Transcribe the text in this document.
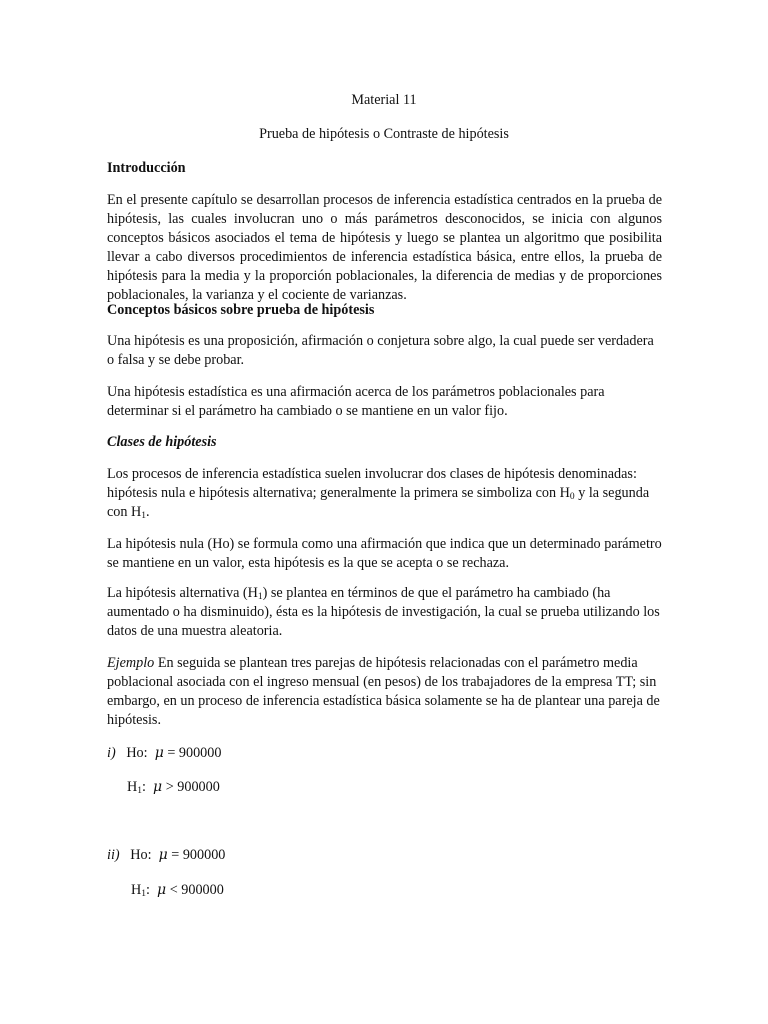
Material 11

Prueba de hipótesis o Contraste de hipótesis

Introducción

En el presente capítulo se desarrollan procesos de inferencia estadística centrados en la prueba de hipótesis, las cuales involucran uno o más parámetros desconocidos, se inicia con algunos conceptos básicos asociados el tema de hipótesis y luego se plantea un algoritmo que posibilita llevar a cabo diversos procedimientos de inferencia estadística básica, entre ellos, la prueba de hipótesis para la media y la proporción poblacionales, la diferencia de medias y de proporciones poblacionales, la varianza y el cociente de varianzas.

Conceptos básicos sobre prueba de hipótesis

Una hipótesis es una proposición, afirmación o conjetura sobre algo, la cual puede ser verdadera o falsa y se debe probar.

Una hipótesis estadística es una afirmación acerca de los parámetros poblacionales para determinar si el parámetro ha cambiado o se mantiene en un valor fijo.

Clases de hipótesis

Los procesos de inferencia estadística suelen involucrar dos clases de hipótesis denominadas: hipótesis nula e hipótesis alternativa; generalmente la primera se simboliza con $H_0$ y la segunda con $H_1$.

La hipótesis nula (Ho) se formula como una afirmación que indica que un determinado parámetro se mantiene en un valor, esta hipótesis es la que se acepta o se rechaza.

La hipótesis alternativa $(H_1)$ se plantea en términos de que el parámetro ha cambiado (ha aumentado o ha disminuido), ésta es la hipótesis de investigación, la cual se prueba utilizando los datos de una muestra aleatoria.

Ejemplo En seguida se plantean tres parejas de hipótesis relacionadas con el parámetro media poblacional asociada con el ingreso mensual (en pesos) de los trabajadores de la empresa TT; sin embargo, en un proceso de inferencia estadística básica solamente se ha de plantear una pareja de hipótesis.

i) Ho: μ = 900000
$H_1$: μ > 900000
ii) Ho: μ = 900000
$H_1$: μ < 900000
